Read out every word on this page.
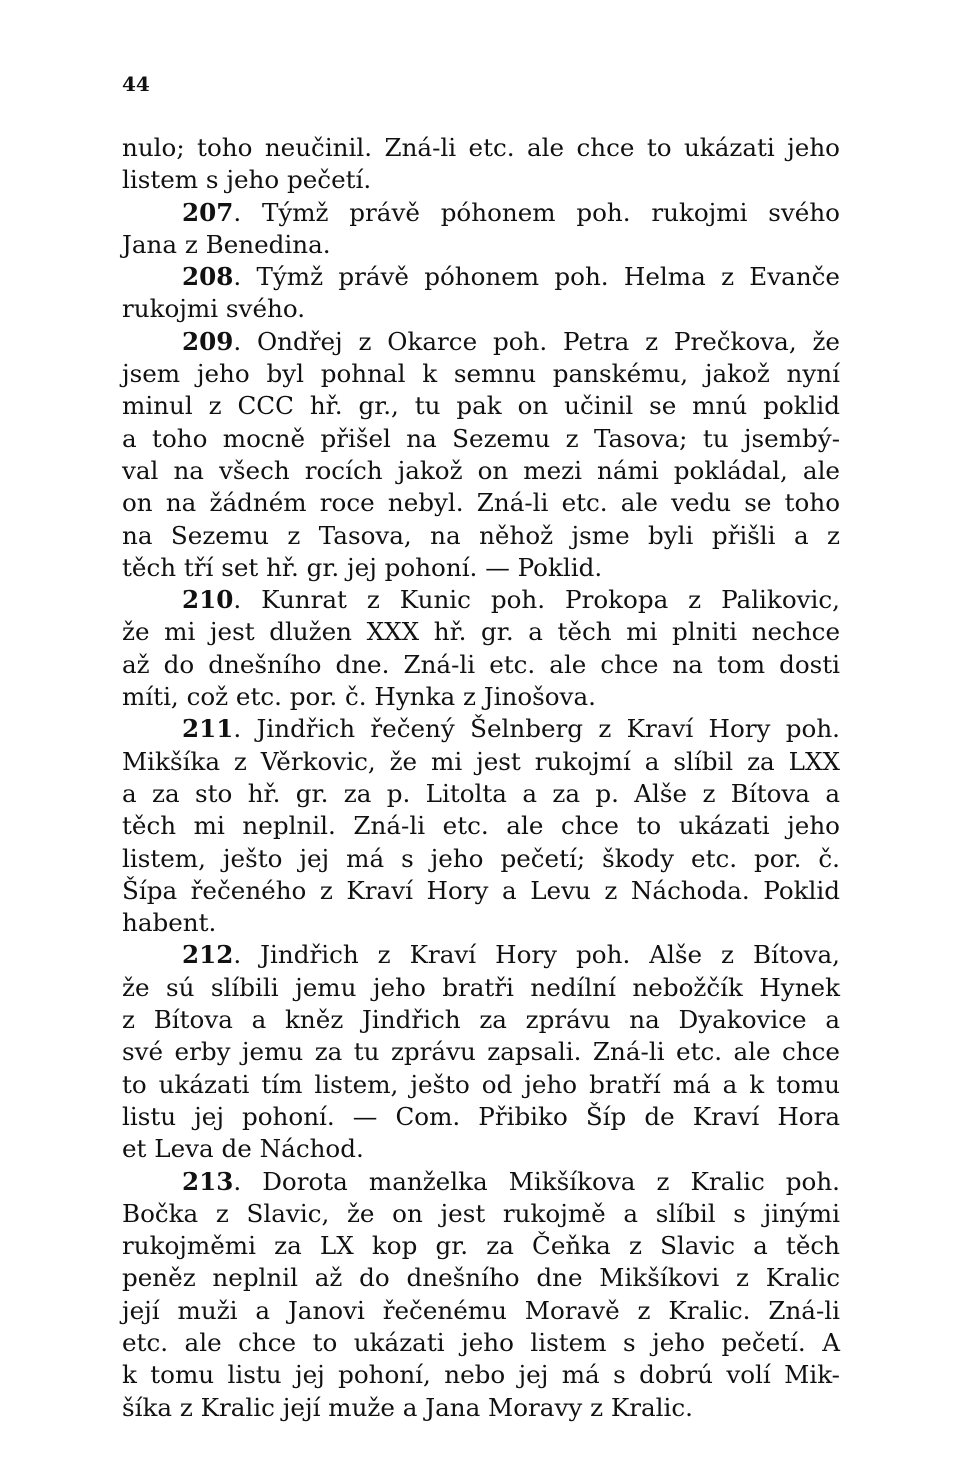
44
nulo; toho neučinil. Zná-li etc. ale chce to ukázati jeho
listem s jeho pečetí.
207. Týmž právě póhonem poh. rukojmi svého
Jana z Benedina.
208. Týmž právě póhonem poh. Helma z Evanče
rukojmi svého.
209. Ondřej z Okarce poh. Petra z Prečkova, že
jsem jeho byl pohnal k semnu panskému, jakož nyní
minul z CCC hř. gr., tu pak on učinil se mnú poklid
a toho mocně přišel na Sezemu z Tasova; tu jsembý-
val na všech rocích jakož on mezi námi pokládal, ale
on na žádném roce nebyl. Zná-li etc. ale vedu se toho
na Sezemu z Tasova, na něhož jsme byli přišli a z
těch tří set hř. gr. jej pohoní. — Poklid.
210. Kunrat z Kunic poh. Prokopa z Palikovic,
že mi jest dlužen XXX hř. gr. a těch mi plniti nechce
až do dnešního dne. Zná-li etc. ale chce na tom dosti
míti, což etc. por. č. Hynka z Jinošova.
211. Jindřich řečený Šelnberg z Kraví Hory poh.
Mikšíka z Věrkovic, že mi jest rukojmí a slíbil za LXX
a za sto hř. gr. za p. Litolta a za p. Alše z Bítova a
těch mi neplnil. Zná-li etc. ale chce to ukázati jeho
listem, ješto jej má s jeho pečetí; škody etc. por. č.
Šípa řečeného z Kraví Hory a Levu z Náchoda. Poklid
habent.
212. Jindřich z Kraví Hory poh. Alše z Bítova,
že sú slíbili jemu jeho bratři nedílní nebožčík Hynek
z Bítova a kněz Jindřich za zprávu na Dyakovice a
své erby jemu za tu zprávu zapsali. Zná-li etc. ale chce
to ukázati tím listem, ješto od jeho bratří má a k tomu
listu jej pohoní. — Com. Přibiko Šíp de Kraví Hora
et Leva de Náchod.
213. Dorota manželka Mikšíkova z Kralic poh.
Bočka z Slavic, že on jest rukojmě a slíbil s jinými
rukojměmi za LX kop gr. za Čeňka z Slavic a těch
peněz neplnil až do dnešního dne Mikšíkovi z Kralic
její muži a Janovi řečenému Moravě z Kralic. Zná-li
etc. ale chce to ukázati jeho listem s jeho pečetí. A
k tomu listu jej pohoní, nebo jej má s dobrú volí Mik-
šíka z Kralic její muže a Jana Moravy z Kralic.
